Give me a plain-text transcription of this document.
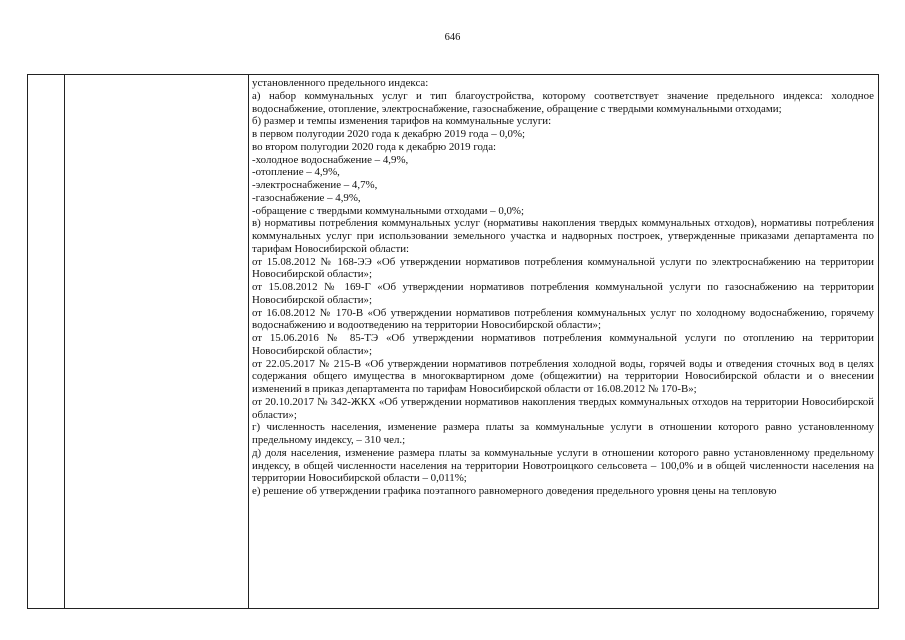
646

установленного предельного индекса:

а) набор коммунальных услуг и тип благоустройства, которому соответствует значение предельного индекса: холодное водоснабжение, отопление, электроснабжение, газоснабжение, обращение с твердыми коммунальными отходами;

б) размер и темпы изменения тарифов на коммунальные услуги:

в первом полугодии 2020 года к декабрю 2019 года – 0,0%;

во втором полугодии 2020 года к декабрю 2019 года:

-холодное водоснабжение – 4,9%,

-отопление – 4,9%,

-электроснабжение – 4,7%,

-газоснабжение – 4,9%,

-обращение с твердыми коммунальными отходами – 0,0%;

в) нормативы потребления коммунальных услуг (нормативы накопления твердых коммунальных отходов), нормативы потребления коммунальных услуг при использовании земельного участка и надворных построек, утвержденные приказами департамента по тарифам Новосибирской области:

от 15.08.2012 № 168-ЭЭ «Об утверждении нормативов потребления коммунальной услуги по электроснабжению на территории Новосибирской области»;

от 15.08.2012 № 169-Г «Об утверждении нормативов потребления коммунальной услуги по газоснабжению на территории Новосибирской области»;

от 16.08.2012 № 170-В «Об утверждении нормативов потребления коммунальных услуг по холодному водоснабжению, горячему водоснабжению и водоотведению на территории Новосибирской области»;

от 15.06.2016 № 85-ТЭ «Об утверждении нормативов потребления коммунальной услуги по отоплению на территории Новосибирской области»;

от 22.05.2017 № 215-В «Об утверждении нормативов потребления холодной воды, горячей воды и отведения сточных вод в целях содержания общего имущества в многоквартирном доме (общежитии) на территории Новосибирской области и о внесении изменений в приказ департамента по тарифам Новосибирской области от 16.08.2012 № 170-В»;

от 20.10.2017 № 342-ЖКХ «Об утверждении нормативов накопления твердых коммунальных отходов на территории Новосибирской области»;

г) численность населения, изменение размера платы за коммунальные услуги в отношении которого равно установленному предельному индексу, – 310 чел.;

д) доля населения, изменение размера платы за коммунальные услуги в отношении которого равно установленному предельному индексу, в общей численности населения на территории Новотроицкого сельсовета – 100,0% и в общей численности населения на территории Новосибирской области – 0,011%;

е) решение об утверждении графика поэтапного равномерного доведения предельного уровня цены на тепловую
